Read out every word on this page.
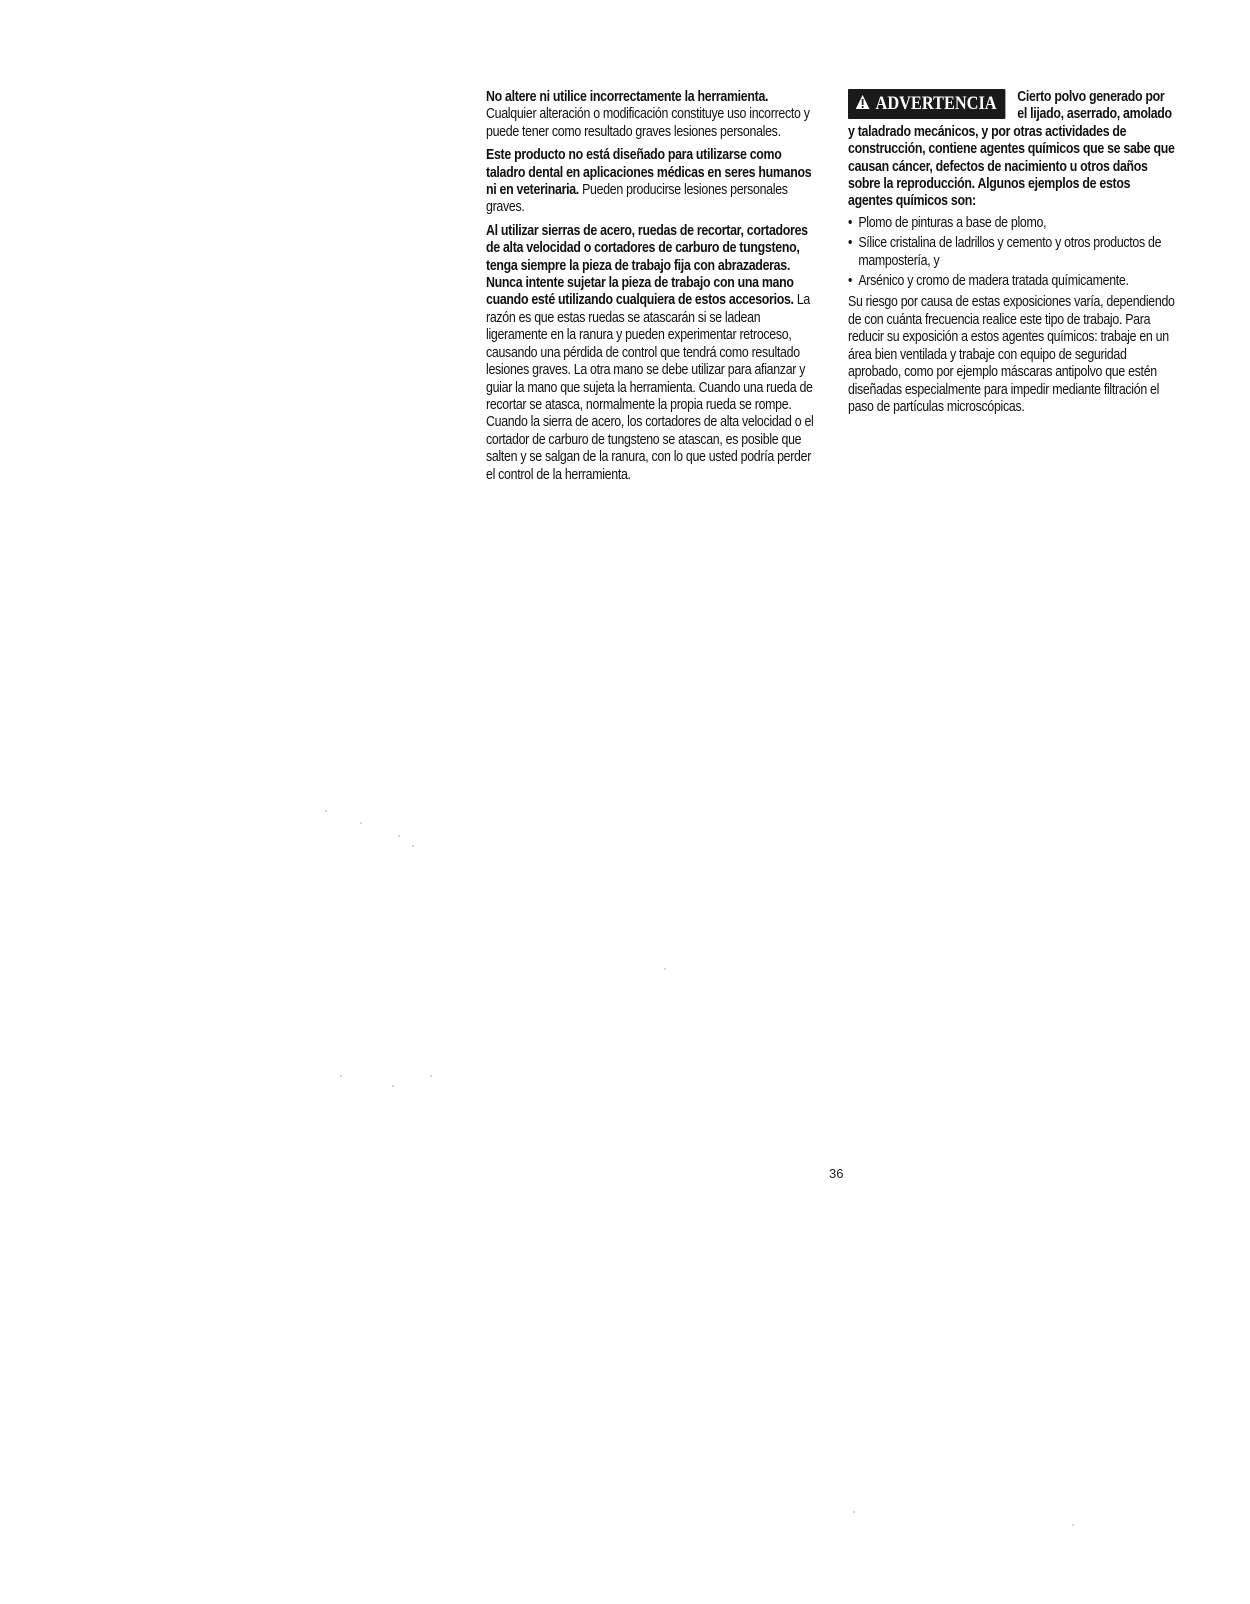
No altere ni utilice incorrectamente la herramienta. Cualquier alteración o modificación constituye uso incorrecto y puede tener como resultado graves lesiones personales.

Este producto no está diseñado para utilizarse como taladro dental en aplicaciones médicas en seres humanos ni en veterinaria. Pueden producirse lesiones personales graves.

Al utilizar sierras de acero, ruedas de recortar, cortadores de alta velocidad o cortadores de carburo de tungsteno, tenga siempre la pieza de trabajo fija con abrazaderas. Nunca intente sujetar la pieza de trabajo con una mano cuando esté utilizando cualquiera de estos accesorios. La razón es que estas ruedas se atascarán si se ladean ligeramente en la ranura y pueden experimentar retroceso, causando una pérdida de control que tendrá como resultado lesiones graves. La otra mano se debe utilizar para afianzar y guiar la mano que sujeta la herramienta. Cuando una rueda de recortar se atasca, normalmente la propia rueda se rompe. Cuando la sierra de acero, los cortadores de alta velocidad o el cortador de carburo de tungsteno se atascan, es posible que salten y se salgan de la ranura, con lo que usted podría perder el control de la herramienta.

ADVERTENCIA Cierto polvo generado por el lijado, aserrado, amolado y taladrado mecánicos, y por otras actividades de construcción, contiene agentes químicos que se sabe que causan cáncer, defectos de nacimiento u otros daños sobre la reproducción. Algunos ejemplos de estos agentes químicos son:

• Plomo de pinturas a base de plomo,
• Sílice cristalina de ladrillos y cemento y otros productos de mampostería, y
• Arsénico y cromo de madera tratada químicamente.

Su riesgo por causa de estas exposiciones varía, dependiendo de con cuánta frecuencia realice este tipo de trabajo. Para reducir su exposición a estos agentes químicos: trabaje en un área bien ventilada y trabaje con equipo de seguridad aprobado, como por ejemplo máscaras antipolvo que estén diseñadas especialmente para impedir mediante filtración el paso de partículas microscópicas.

36
